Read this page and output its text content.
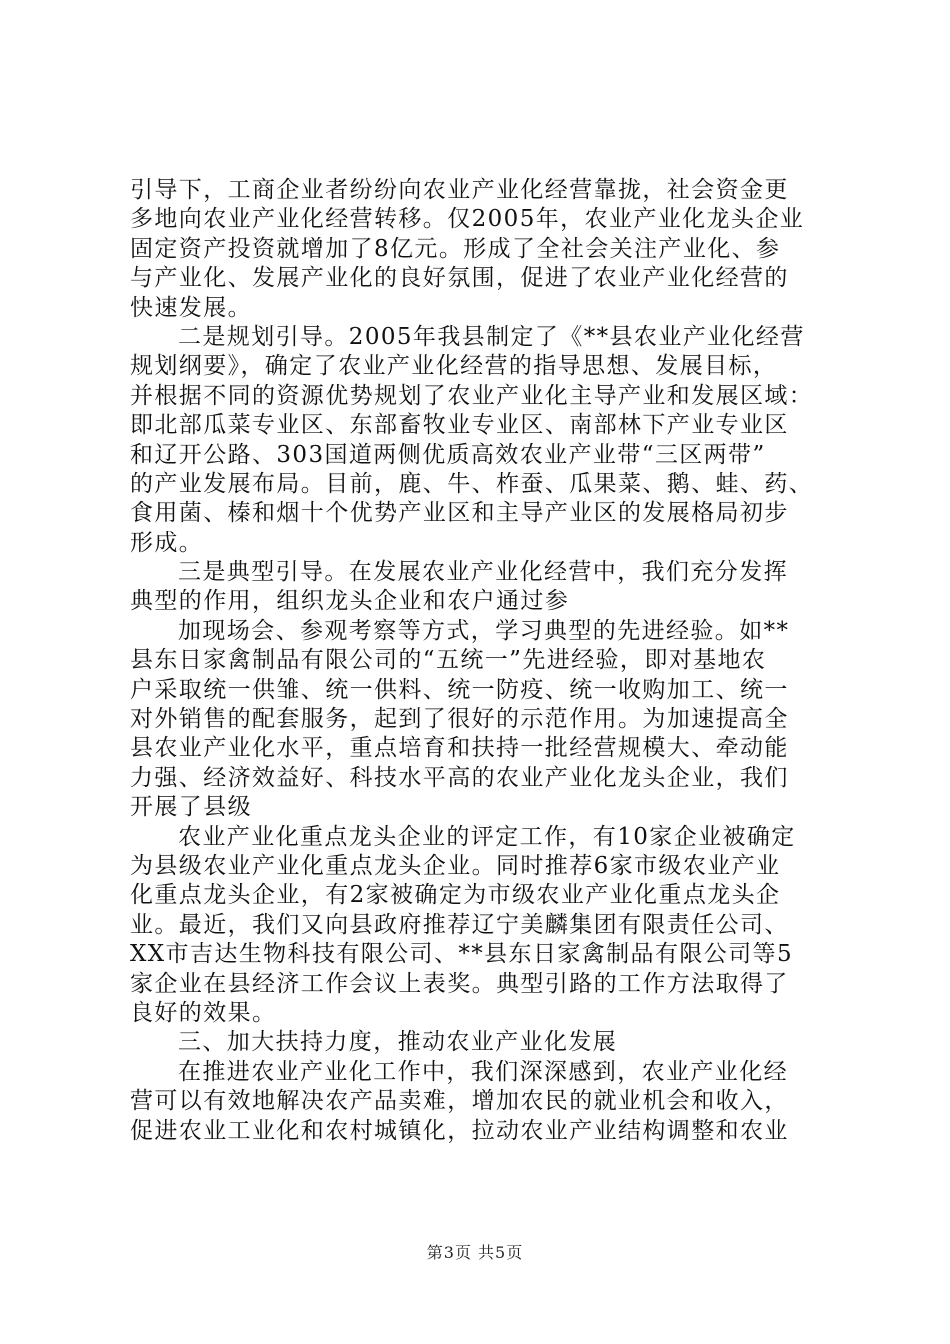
引导下，工商企业者纷纷向农业产业化经营靠拢，社会资金更
多地向农业产业化经营转移。仅2005年，农业产业化龙头企业
固定资产投资就增加了8亿元。形成了全社会关注产业化、参
与产业化、发展产业化的良好氛围，促进了农业产业化经营的
快速发展。
二是规划引导。2005年我县制定了《**县农业产业化经营
规划纲要》，确定了农业产业化经营的指导思想、发展目标，
并根据不同的资源优势规划了农业产业化主导产业和发展区域：
即北部瓜菜专业区、东部畜牧业专业区、南部林下产业专业区
和辽开公路、303国道两侧优质高效农业产业带“三区两带”
的产业发展布局。目前，鹿、牛、柞蚕、瓜果菜、鹅、蛙、药、
食用菌、榛和烟十个优势产业区和主导产业区的发展格局初步
形成。
三是典型引导。在发展农业产业化经营中，我们充分发挥
典型的作用，组织龙头企业和农户通过参
加现场会、参观考察等方式，学习典型的先进经验。如**
县东日家禽制品有限公司的“五统一”先进经验，即对基地农
户采取统一供雏、统一供料、统一防疫、统一收购加工、统一
对外销售的配套服务，起到了很好的示范作用。为加速提高全
县农业产业化水平，重点培育和扶持一批经营规模大、牵动能
力强、经济效益好、科技水平高的农业产业化龙头企业，我们
开展了县级
农业产业化重点龙头企业的评定工作，有10家企业被确定
为县级农业产业化重点龙头企业。同时推荐6家市级农业产业
化重点龙头企业，有2家被确定为市级农业产业化重点龙头企
业。最近，我们又向县政府推荐辽宁美麟集团有限责任公司、
XX市吉达生物科技有限公司、**县东日家禽制品有限公司等5
家企业在县经济工作会议上表奖。典型引路的工作方法取得了
良好的效果。
三、加大扶持力度，推动农业产业化发展
在推进农业产业化工作中，我们深深感到，农业产业化经
营可以有效地解决农产品卖难，增加农民的就业机会和收入，
促进农业工业化和农村城镇化，拉动农业产业结构调整和农业
第3页 共5页
